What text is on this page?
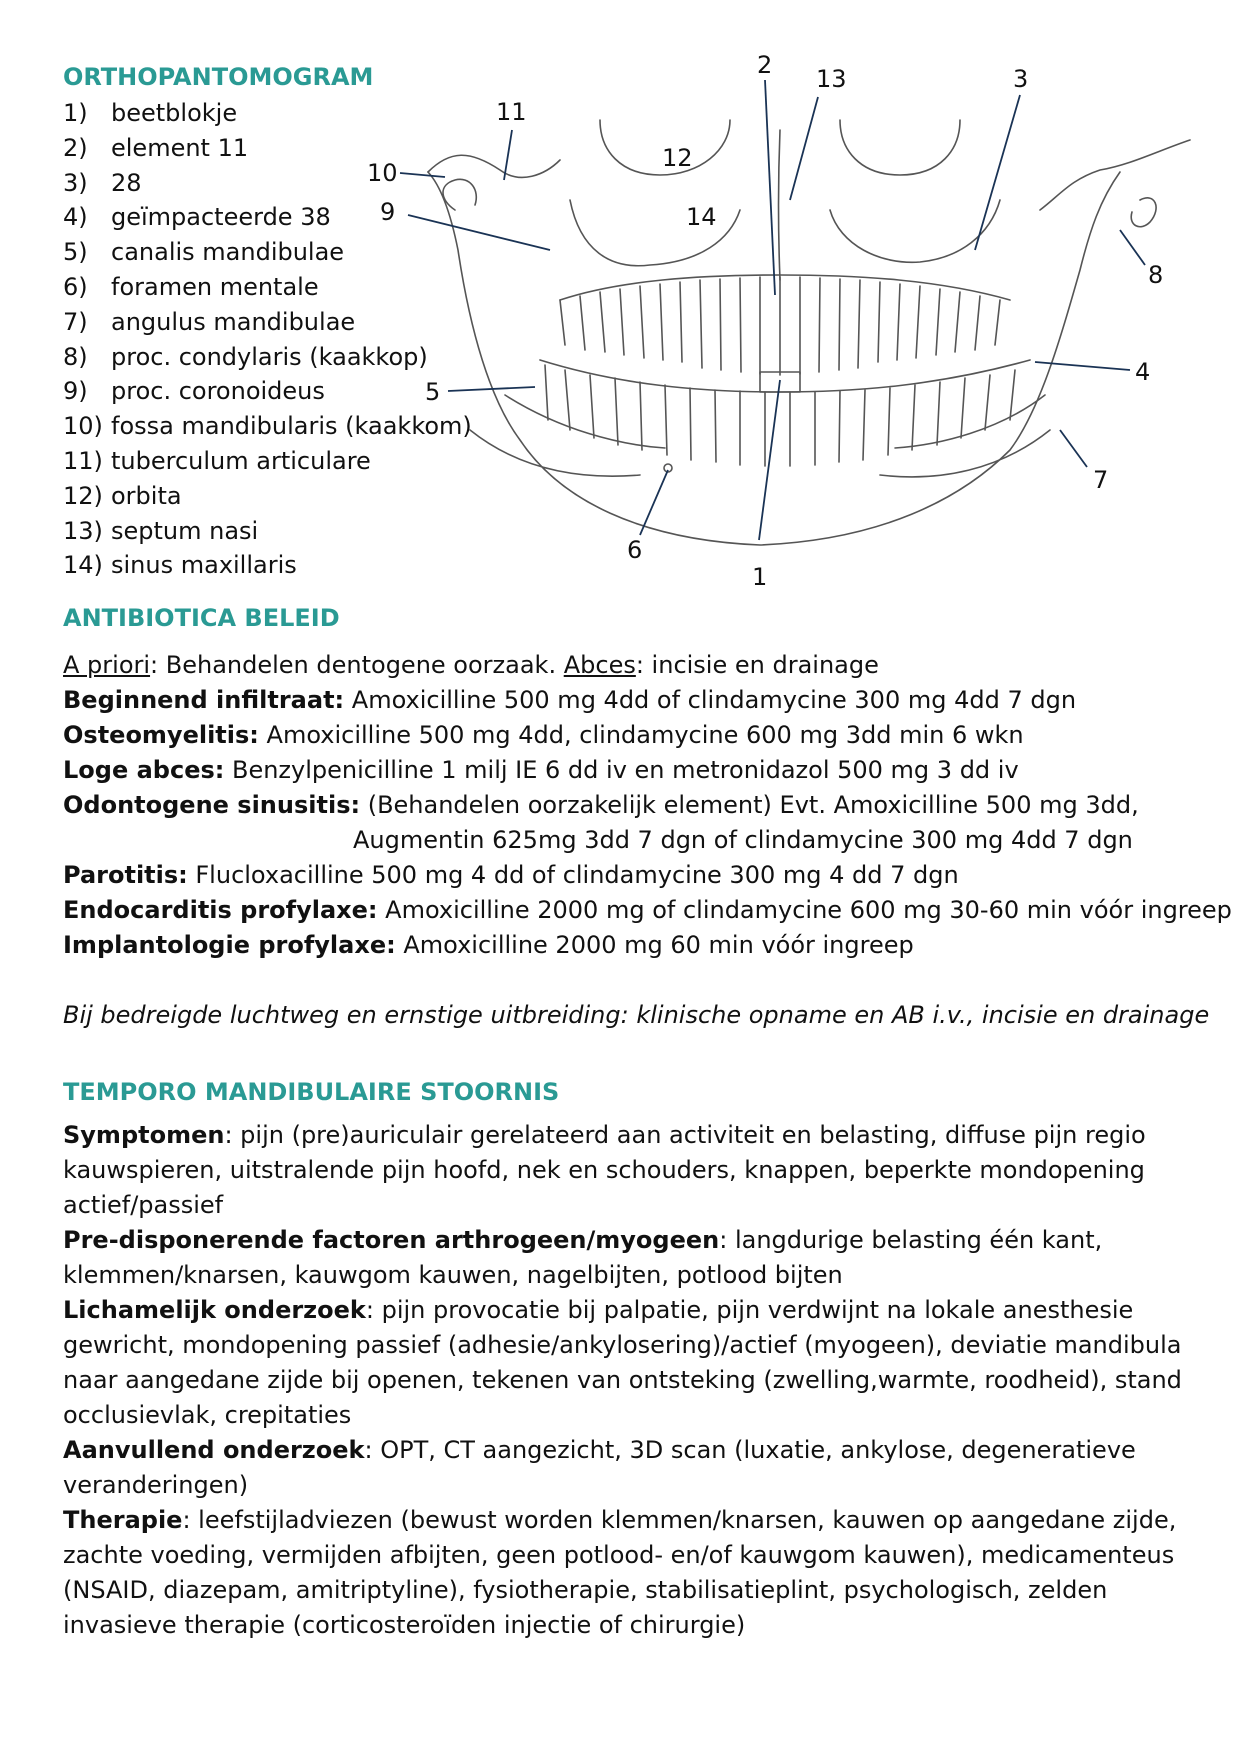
ORTHOPANTOMOGRAM
1) beetblokje
2) element 11
3) 28
4) geïmpacteerde 38
5) canalis mandibulae
6) foramen mentale
7) angulus mandibulae
8) proc. condylaris (kaakkop)
9) proc. coronoideus
10) fossa mandibularis (kaakkom)
11) tuberculum articulare
12) orbita
13) septum nasi
14) sinus maxillaris	1
2	3
4
5
6
7
8
9
10
11
12
13
14
ANTIBIOTICA BELEID
A priori: Behandelen dentogene oorzaak. Abces: incisie en drainage
Beginnend infiltraat: Amoxicilline 500 mg 4dd of clindamycine 300 mg 4dd 7 dgn
Osteomyelitis: Amoxicilline 500 mg 4dd, clindamycine 600 mg 3dd min 6 wkn
Loge abces: Benzylpenicilline 1 milj IE 6 dd iv en metronidazol 500 mg 3 dd iv
Odontogene sinusitis: (Behandelen oorzakelijk element) Evt. Amoxicilline 500 mg 3dd,
Augmentin 625mg 3dd 7 dgn of clindamycine 300 mg 4dd 7 dgn
Parotitis: Flucloxacilline 500 mg 4 dd of clindamycine 300 mg 4 dd 7 dgn
Endocarditis profylaxe: Amoxicilline 2000 mg of clindamycine 600 mg 30-60 min vóór ingreep
Implantologie profylaxe: Amoxicilline 2000 mg 60 min vóór ingreep
Bij bedreigde luchtweg en ernstige uitbreiding: klinische opname en AB i.v., incisie en drainage
TEMPORO MANDIBULAIRE STOORNIS

Symptomen: pijn (pre)auriculair gerelateerd aan activiteit en belasting, diffuse pijn regio kauwspieren, uitstralende pijn hoofd, nek en schouders, knappen, beperkte mondopening actief/passief

Pre-disponerende factoren arthrogeen/myogeen: langdurige belasting één kant, klemmen/knarsen, kauwgom kauwen, nagelbijten, potlood bijten

Lichamelijk onderzoek: pijn provocatie bij palpatie, pijn verdwijnt na lokale anesthesie gewricht, mondopening passief (adhesie/ankylosering)/actief (myogeen), deviatie mandibula naar aangedane zijde bij openen, tekenen van ontsteking (zwelling,warmte, roodheid), stand occlusievlak, crepitaties

Aanvullend onderzoek: OPT, CT aangezicht, 3D scan (luxatie, ankylose, degeneratieve veranderingen)

Therapie: leefstijladviezen (bewust worden klemmen/knarsen, kauwen op aangedane zijde, zachte voeding, vermijden afbijten, geen potlood- en/of kauwgom kauwen), medicamenteus (NSAID, diazepam, amitriptyline), fysiotherapie, stabilisatieplint, psychologisch, zelden invasieve therapie (corticosteroïden injectie of chirurgie)
